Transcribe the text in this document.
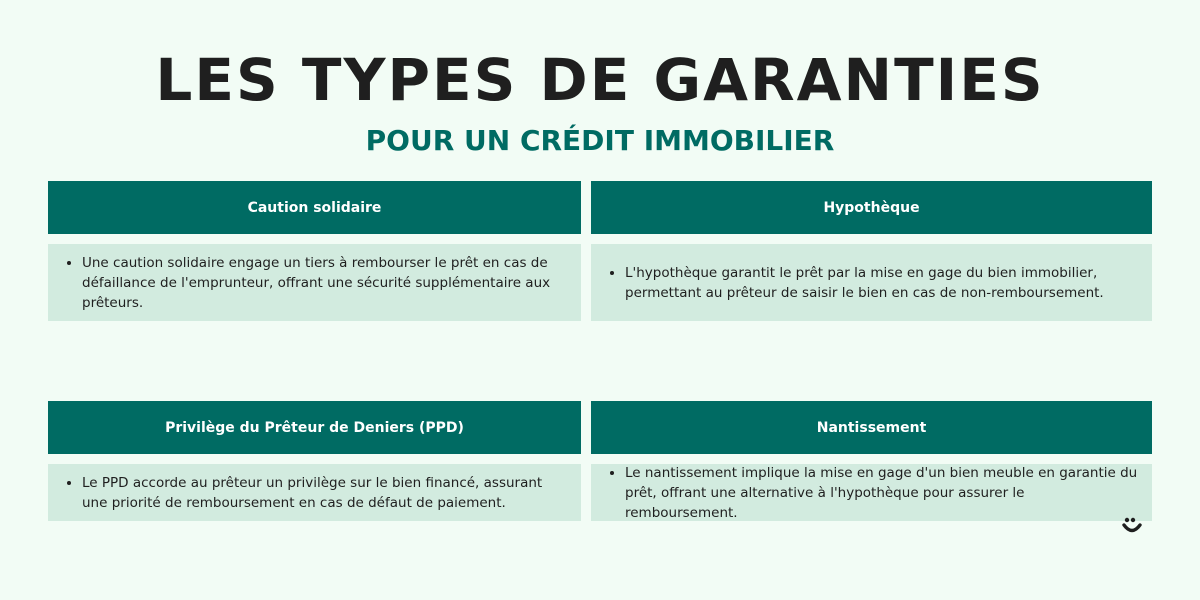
LES TYPES DE GARANTIES
POUR UN CRÉDIT IMMOBILIER
Caution solidaire
• Une caution solidaire engage un tiers à rembourser le prêt en cas de défaillance de l'emprunteur, offrant une sécurité supplémentaire aux prêteurs.
Hypothèque
• L'hypothèque garantit le prêt par la mise en gage du bien immobilier, permettant au prêteur de saisir le bien en cas de non-remboursement.
Privilège du Prêteur de Deniers (PPD)
• Le PPD accorde au prêteur un privilège sur le bien financé, assurant une priorité de remboursement en cas de défaut de paiement.
Nantissement
• Le nantissement implique la mise en gage d'un bien meuble en garantie du prêt, offrant une alternative à l'hypothèque pour assurer le remboursement.
